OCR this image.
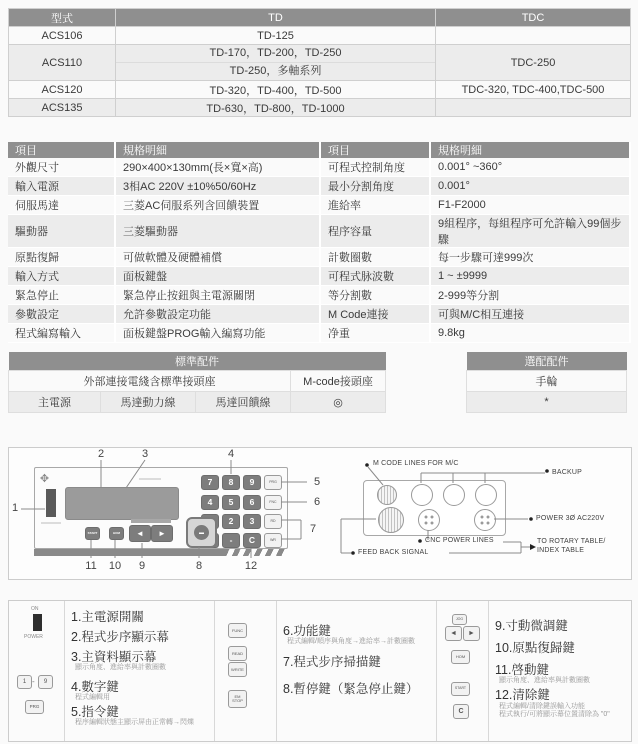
型式	TD	TDC
ACS106	TD-125	
ACS110	TD-170，TD-200，TD-250
TD-250，多軸系列	TDC-250
ACS120	TD-320，TD-400，TD-500	TDC-320, TDC-400,TDC-500
ACS135	TD-630，TD-800，TD-1000	
項目	規格明細	項目	規格明細
外觀尺寸	290×400×130mm(長×寬×高)	可程式控制角度	0.001° ~360°
輸入電源	3相AC 220V ±10%50/60Hz	最小分割角度	0.001°
伺服馬達	三菱AC伺服系列含回饋裝置	進給率	F1-F2000
驅動器	三菱驅動器	程序容量	9組程序，每組程序可允許輸入99個步驟
原點復歸	可做軟體及硬體補償	計數圈數	每一步驟可達999次
輸入方式	面板鍵盤	可程式脉波數	1 ~ ±9999
緊急停止	緊急停止按鈕與主電源關閉	等分割數	2-999等分割
參數設定	允許參數設定功能	M Code連接	可與M/C相互連接
程式編寫輸入	面板鍵盤PROG輸入編寫功能	净重	9.8kg
標準配件			
外部連接電綫含標準接頭座			M-code接頭座
主電源	馬達動力線	馬達回饋線	◎
選配配件
手輪
*
✥	7	8	9	PRG
4	5	6	FNC
2	3	RD
-	C	WR
START	HOM	◄	►	▬
1
2	3	4
5
6
7
8
9
10
11	12
M CODE LINES FOR M/C
BACKUP
POWER 3Ø AC220V
CNC POWER LINES	TO ROTARY TABLE/
INDEX TABLE
FEED BACK SIGNAL
ON
POWER
1 -	9
PRG
1.主電源開關
2.程式步序顯示幕
3.主資料顯示幕
顯示角度、進給率與計數圈數
4.數字鍵
程式編輯用
5.指令鍵
程序編輯狀態主顯示屏由正常轉→閃爍
FUNC
READ
WRITE
EM
STOP
6.功能鍵
程式編輯/順序與角度→進給率→計數圈數
7.程式步序掃描鍵
8.暫停鍵（緊急停止鍵）
JOG
◄	►
HOM
START
C
9.寸動微調鍵
10.原點復歸鍵
11.啓動鍵
顯示角度、進給率與計數圈數
12.清除鍵
程式編輯/清除鍵誤輸入功能
程式執行/可將顯示幕位置清除為 "0"
